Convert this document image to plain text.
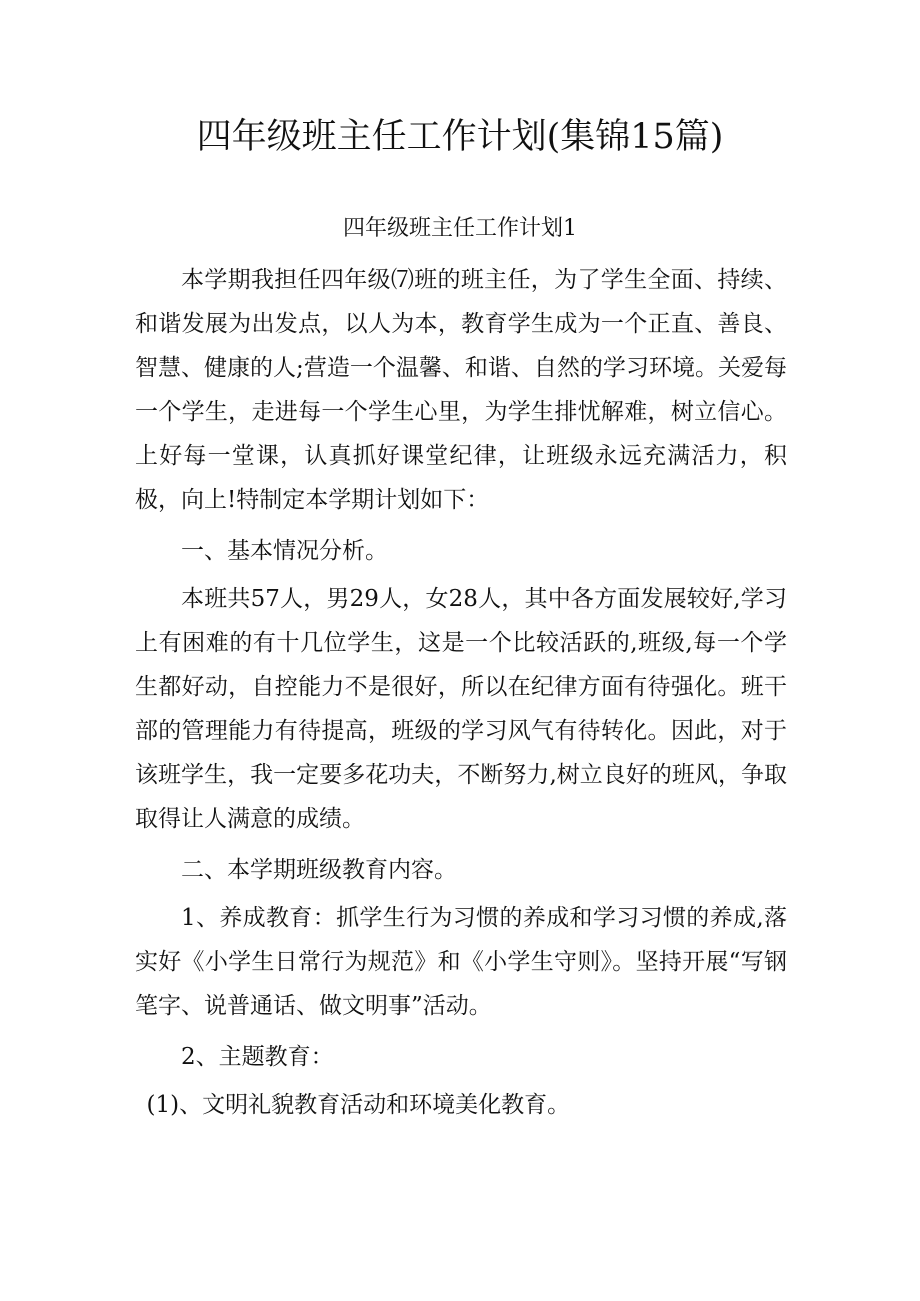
四年级班主任工作计划(集锦15篇)
四年级班主任工作计划1

本学期我担任四年级⑺班的班主任，为了学生全面、持续、和谐发展为出发点，以人为本，教育学生成为一个正直、善良、智慧、健康的人;营造一个温馨、和谐、自然的学习环境。关爱每一个学生，走进每一个学生心里，为学生排忧解难，树立信心。上好每一堂课，认真抓好课堂纪律，让班级永远充满活力，积极，向上!特制定本学期计划如下：

一、基本情况分析。

本班共57人，男29人，女28人，其中各方面发展较好,学习上有困难的有十几位学生，这是一个比较活跃的,班级,每一个学生都好动，自控能力不是很好，所以在纪律方面有待强化。班干部的管理能力有待提高，班级的学习风气有待转化。因此，对于该班学生，我一定要多花功夫，不断努力,树立良好的班风，争取取得让人满意的成绩。

二、本学期班级教育内容。

1、养成教育：抓学生行为习惯的养成和学习习惯的养成,落实好《小学生日常行为规范》和《小学生守则》。坚持开展“写钢笔字、说普通话、做文明事”活动。

2、主题教育：

(1)、文明礼貌教育活动和环境美化教育。
